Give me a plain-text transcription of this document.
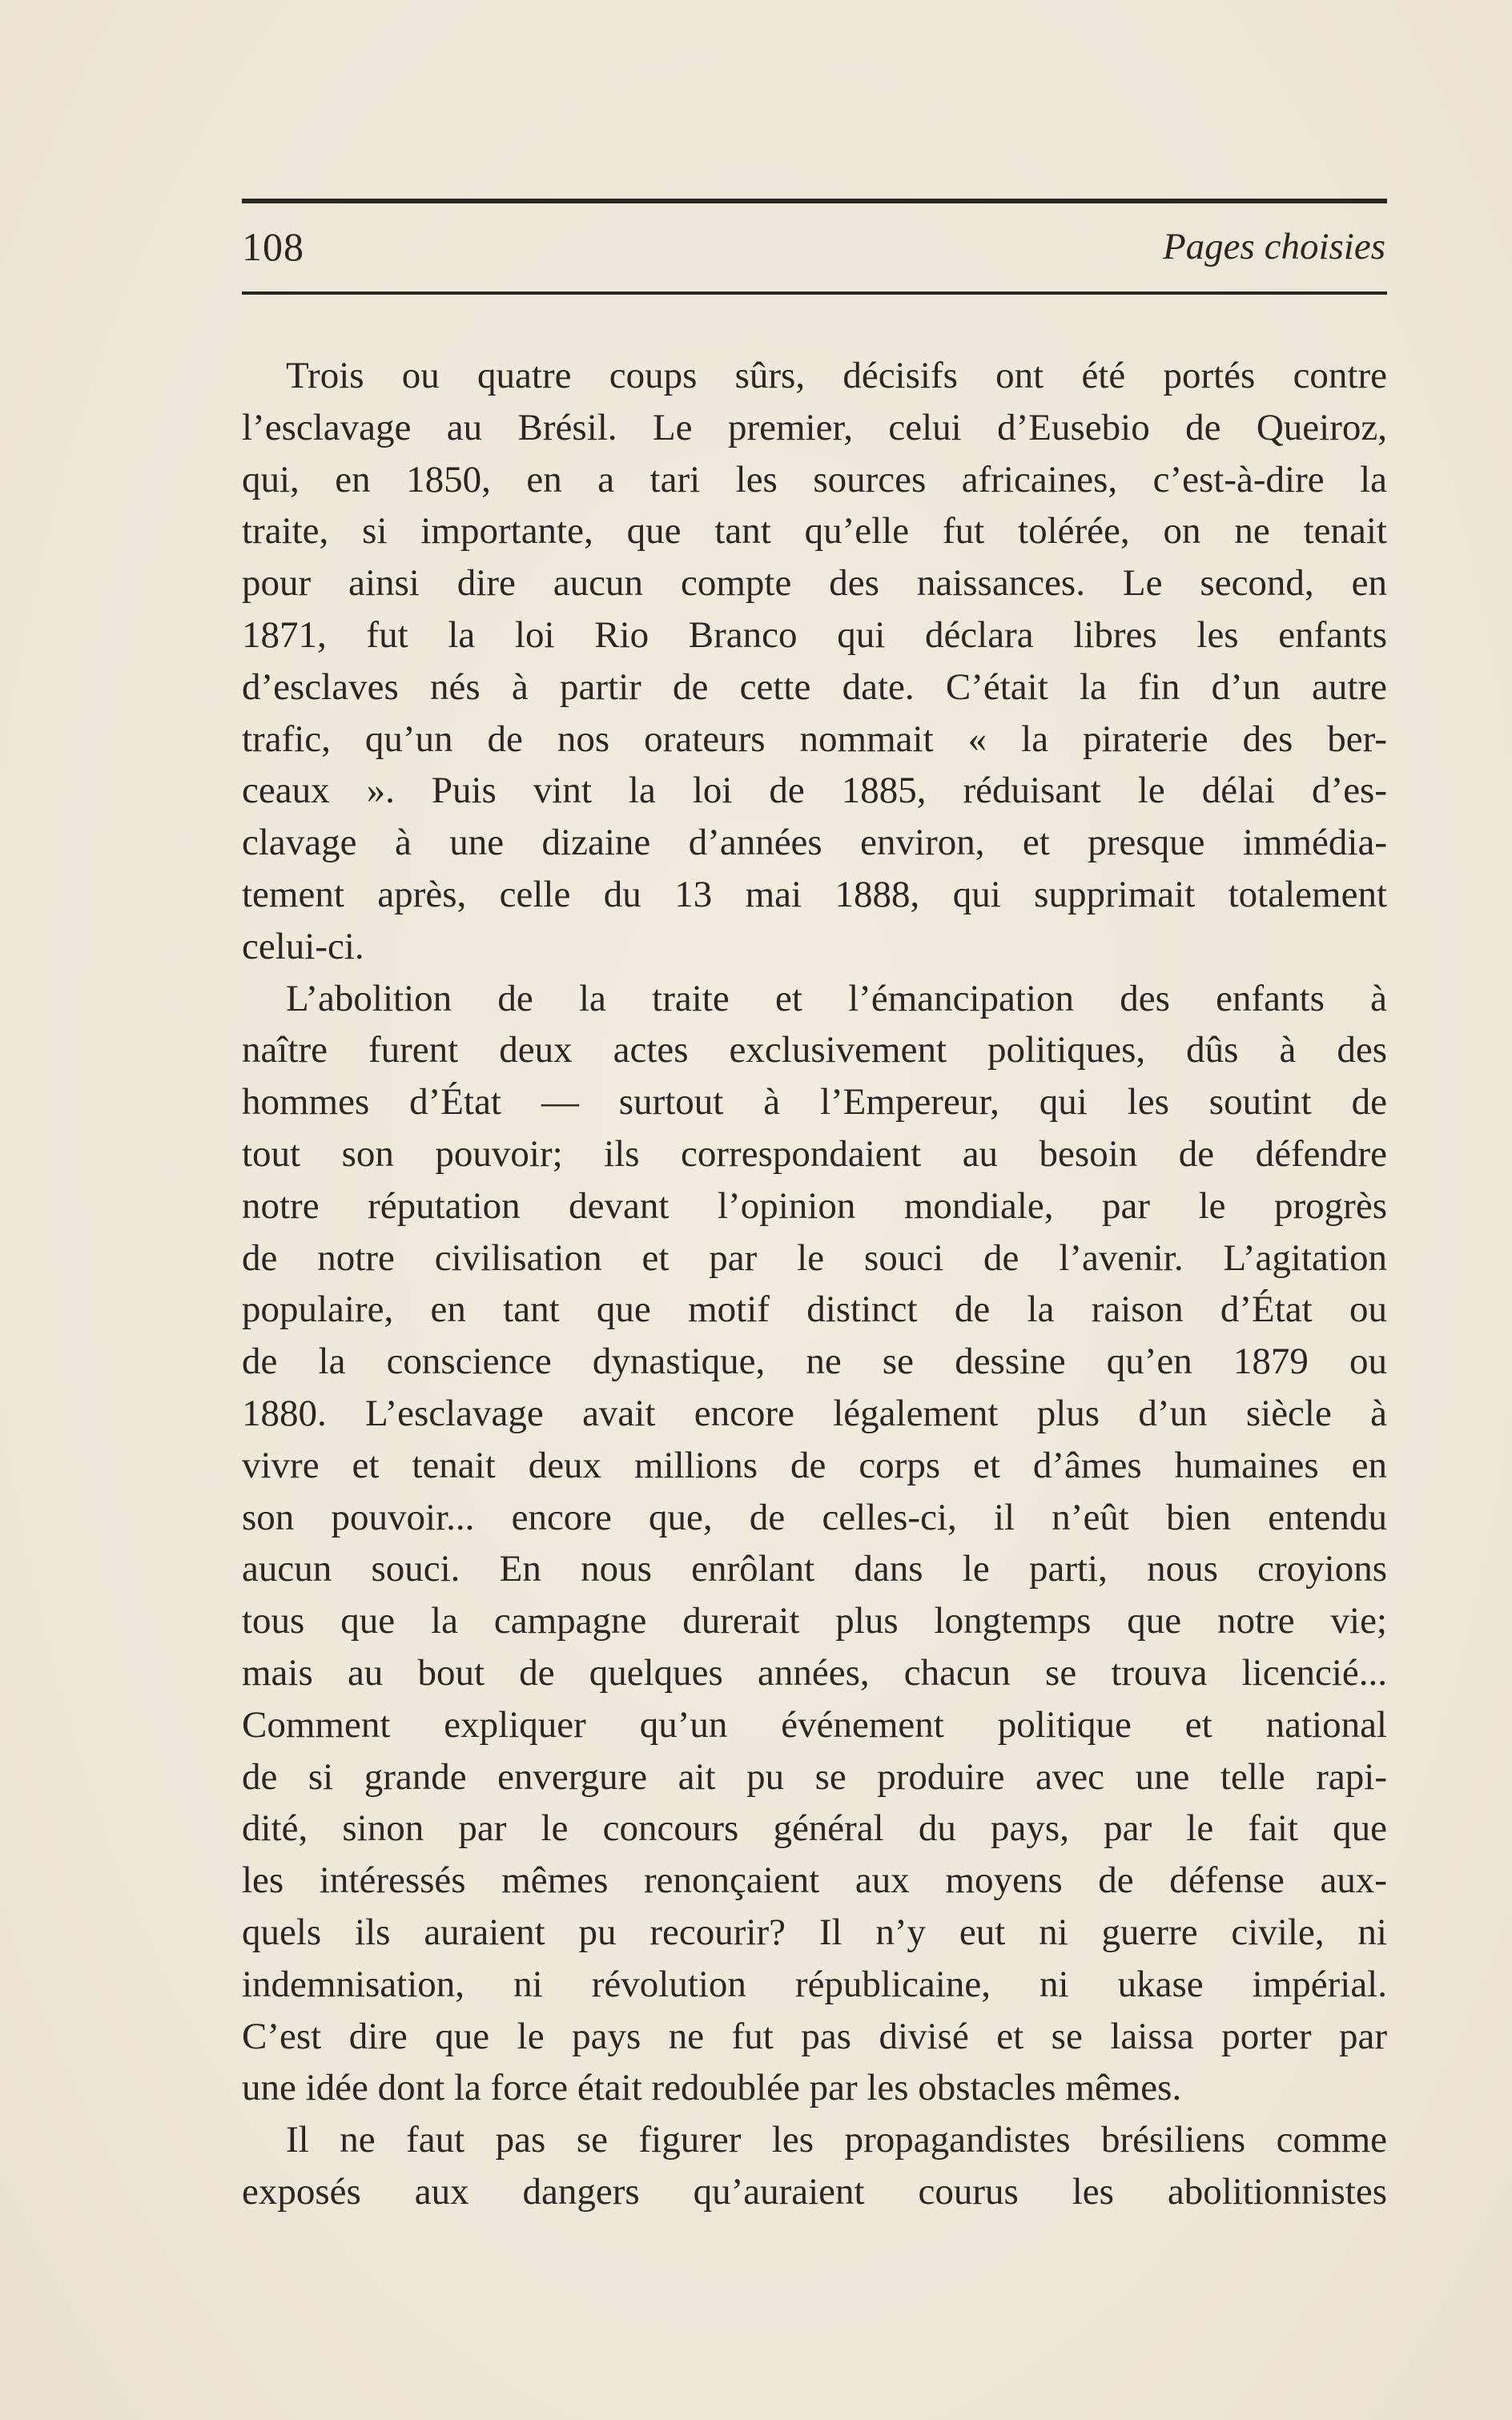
108	Pages choisies
Trois ou quatre coups sûrs, décisifs ont été portés contre
l’esclavage au Brésil. Le premier, celui d’Eusebio de Queiroz,
qui, en 1850, en a tari les sources africaines, c’est-à-dire la
traite, si importante, que tant qu’elle fut tolérée, on ne tenait
pour ainsi dire aucun compte des naissances. Le second, en
1871, fut la loi Rio Branco qui déclara libres les enfants
d’esclaves nés à partir de cette date. C’était la fin d’un autre
trafic, qu’un de nos orateurs nommait « la piraterie des ber-
ceaux ». Puis vint la loi de 1885, réduisant le délai d’es-
clavage à une dizaine d’années environ, et presque immédia-
tement après, celle du 13 mai 1888, qui supprimait totalement
celui-ci.
L’abolition de la traite et l’émancipation des enfants à
naître furent deux actes exclusivement politiques, dûs à des
hommes d’État — surtout à l’Empereur, qui les soutint de
tout son pouvoir; ils correspondaient au besoin de défendre
notre réputation devant l’opinion mondiale, par le progrès
de notre civilisation et par le souci de l’avenir. L’agitation
populaire, en tant que motif distinct de la raison d’État ou
de la conscience dynastique, ne se dessine qu’en 1879 ou
1880. L’esclavage avait encore légalement plus d’un siècle à
vivre et tenait deux millions de corps et d’âmes humaines en
son pouvoir... encore que, de celles-ci, il n’eût bien entendu
aucun souci. En nous enrôlant dans le parti, nous croyions
tous que la campagne durerait plus longtemps que notre vie;
mais au bout de quelques années, chacun se trouva licencié...
Comment expliquer qu’un événement politique et national
de si grande envergure ait pu se produire avec une telle rapi-
dité, sinon par le concours général du pays, par le fait que
les intéressés mêmes renonçaient aux moyens de défense aux-
quels ils auraient pu recourir? Il n’y eut ni guerre civile, ni
indemnisation, ni révolution républicaine, ni ukase impérial.
C’est dire que le pays ne fut pas divisé et se laissa porter par
une idée dont la force était redoublée par les obstacles mêmes.
Il ne faut pas se figurer les propagandistes brésiliens comme
exposés aux dangers qu’auraient courus les abolitionnistes
